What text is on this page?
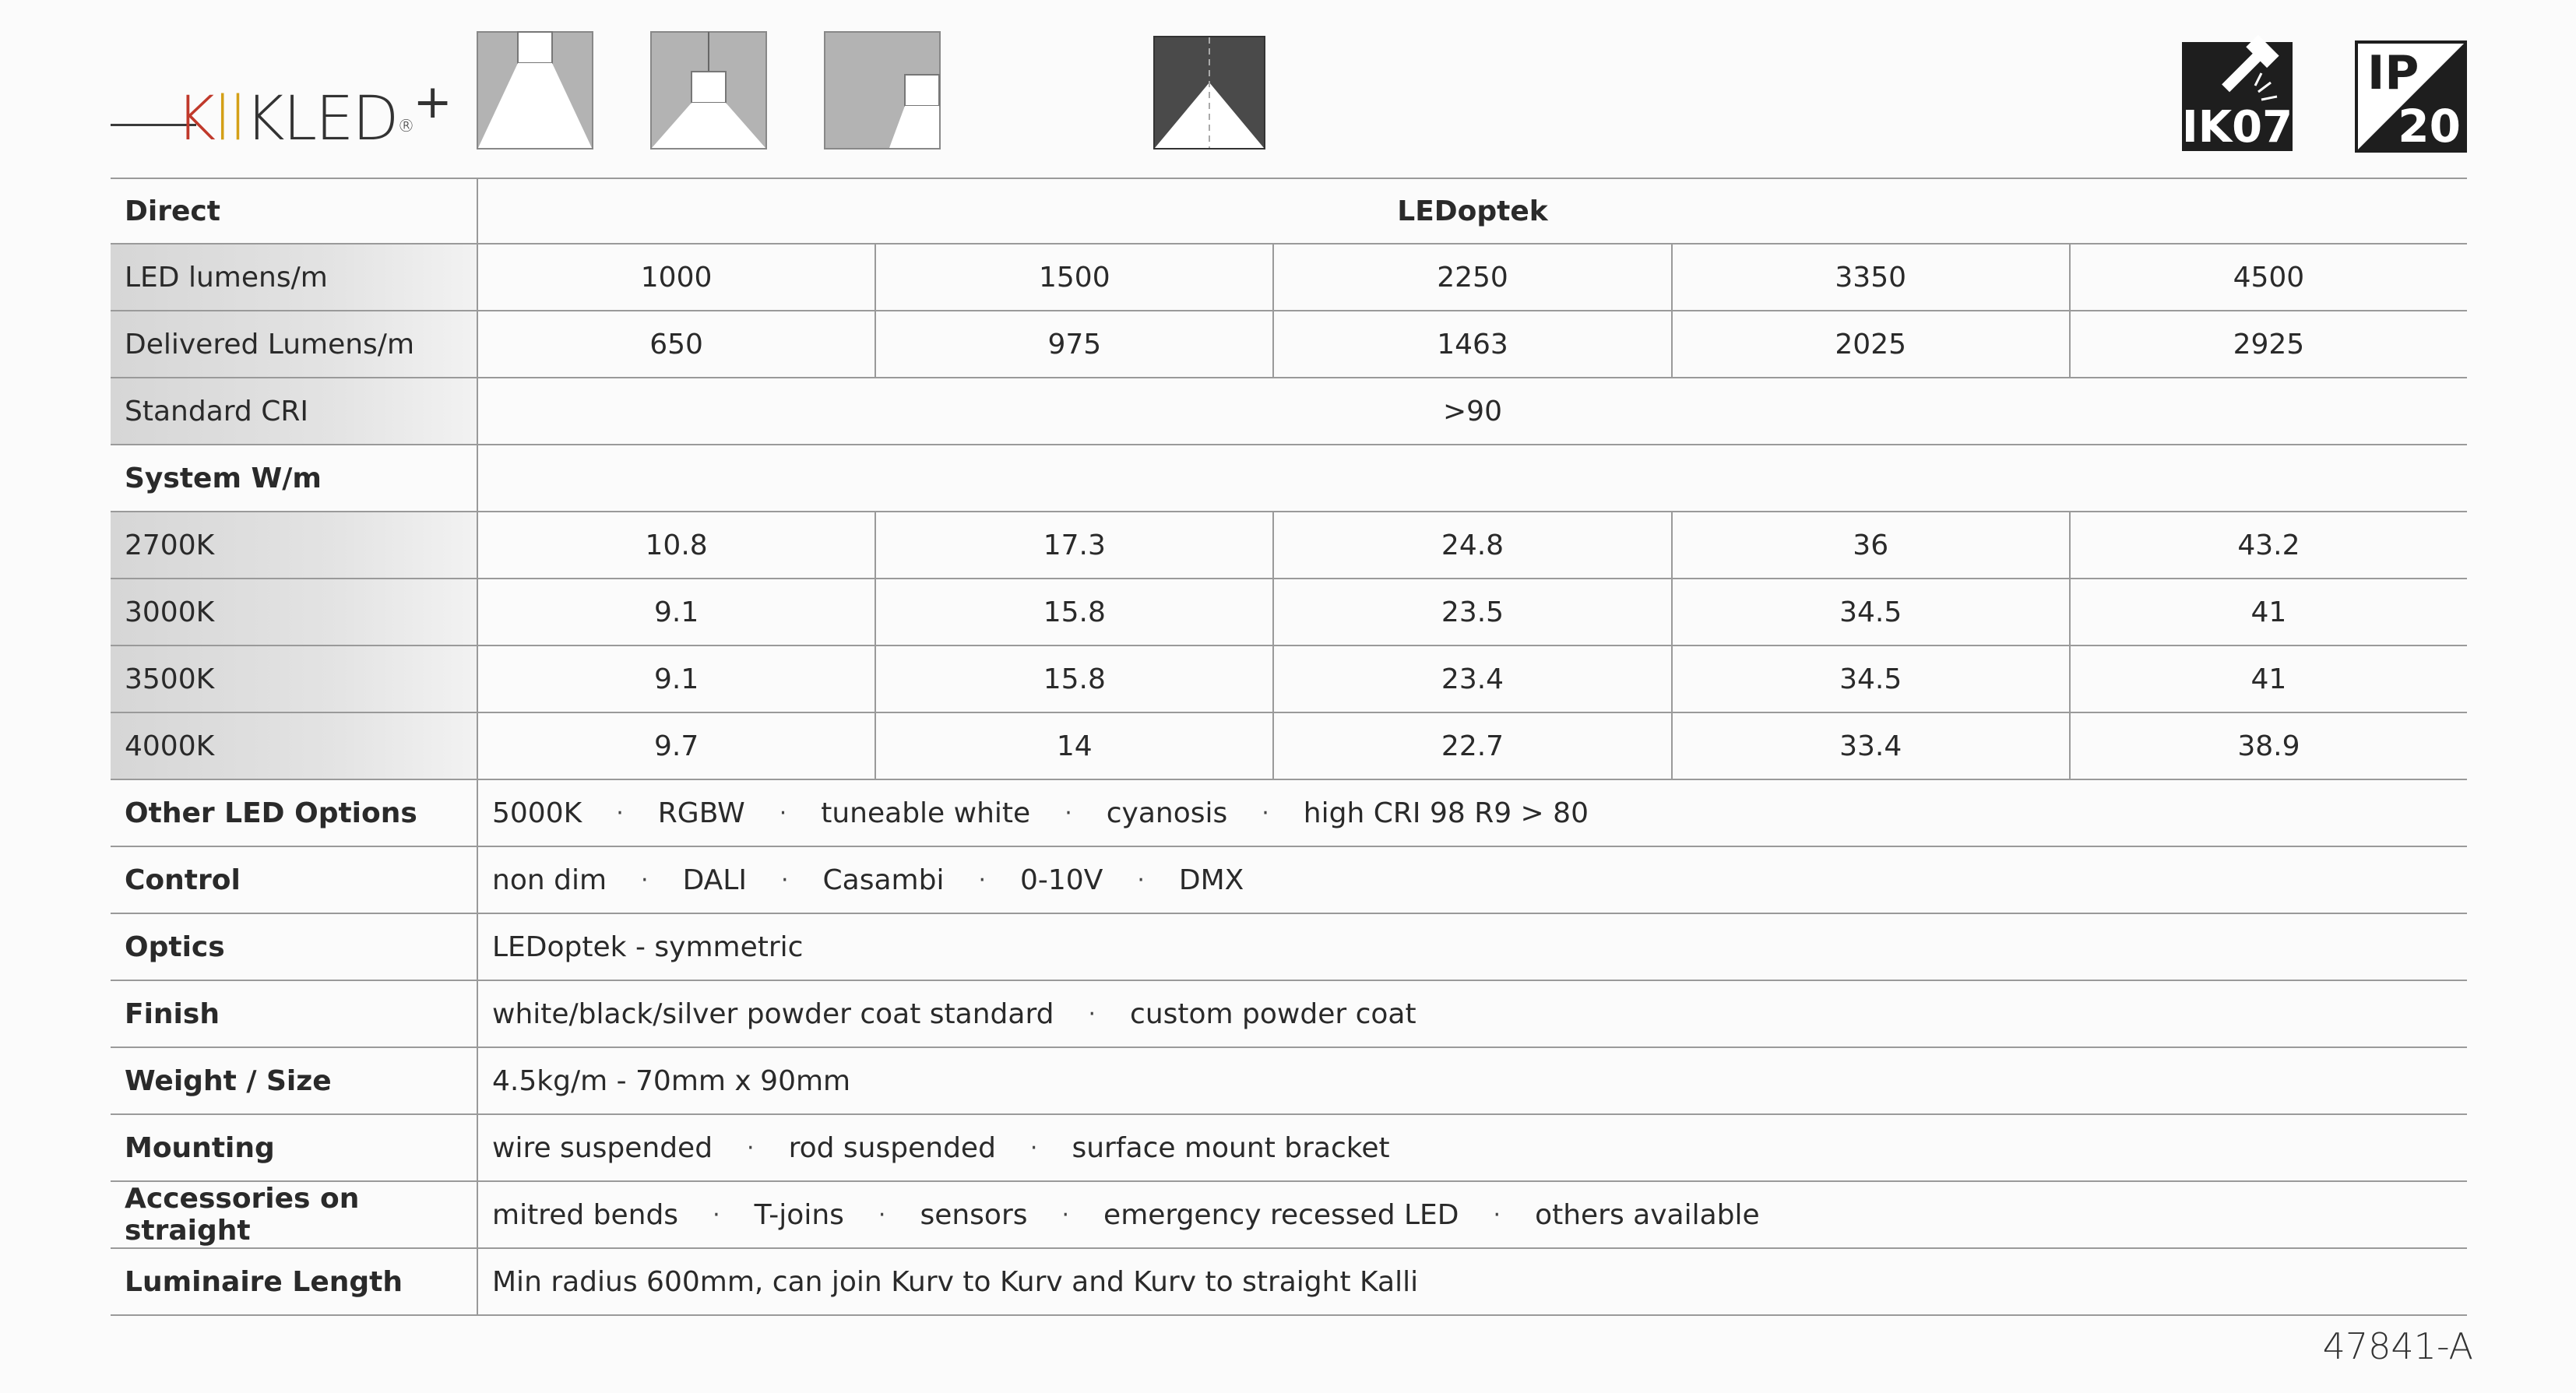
KllKLED®+	IK07
IP
20
Direct	LEDoptek
LED lumens/m	1000	1500	2250	3350	4500
Delivered Lumens/m	650	975	1463	2025	2925
Standard CRI	>90
System W/m
2700K	10.8	17.3	24.8	36	43.2
3000K	9.1	15.8	23.5	34.5	41
3500K	9.1	15.8	23.4	34.5	41
4000K	9.7	14	22.7	33.4	38.9
Other LED Options	5000K · RGBW · tuneable white · cyanosis · high CRI 98 R9 > 80
Control	non dim · DALI · Casambi · 0-10V · DMX
Optics	LEDoptek - symmetric
Finish	white/black/silver powder coat standard · custom powder coat
Weight / Size	4.5kg/m - 70mm x 90mm
Mounting	wire suspended · rod suspended · surface mount bracket
Accessories on straight	mitred bends · T-joins · sensors · emergency recessed LED · others available
Luminaire Length	Min radius 600mm, can join Kurv to Kurv and Kurv to straight Kalli
47841-A
